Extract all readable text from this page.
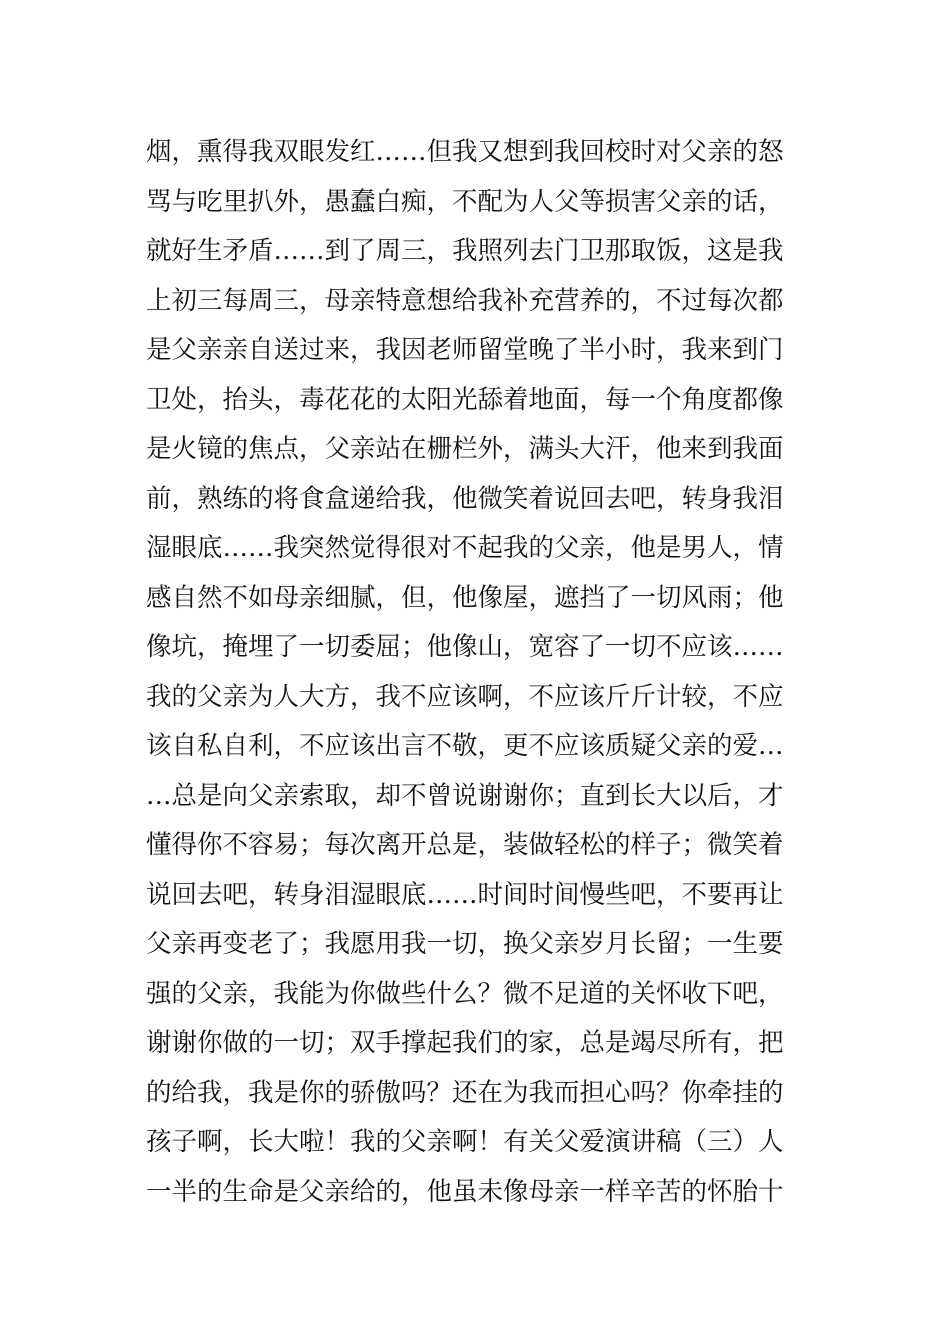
烟，熏得我双眼发红……但我又想到我回校时对父亲的怒
骂与吃里扒外，愚蠢白痴，不配为人父等损害父亲的话，
就好生矛盾……到了周三，我照列去门卫那取饭，这是我
上初三每周三，母亲特意想给我补充营养的，不过每次都
是父亲亲自送过来，我因老师留堂晚了半小时，我来到门
卫处，抬头，毒花花的太阳光舔着地面，每一个角度都像
是火镜的焦点，父亲站在栅栏外，满头大汗，他来到我面
前，熟练的将食盒递给我，他微笑着说回去吧，转身我泪
湿眼底……我突然觉得很对不起我的父亲，他是男人，情
感自然不如母亲细腻，但，他像屋，遮挡了一切风雨；他
像坑，掩埋了一切委屈；他像山，宽容了一切不应该……
我的父亲为人大方，我不应该啊，不应该斤斤计较，不应
该自私自利，不应该出言不敬，更不应该质疑父亲的爱…
…总是向父亲索取，却不曾说谢谢你；直到长大以后，才
懂得你不容易；每次离开总是，装做轻松的样子；微笑着
说回去吧，转身泪湿眼底……时间时间慢些吧，不要再让
父亲再变老了；我愿用我一切，换父亲岁月长留；一生要
强的父亲，我能为你做些什么？微不足道的关怀收下吧，
谢谢你做的一切；双手撑起我们的家，总是竭尽所有，把
的给我，我是你的骄傲吗？还在为我而担心吗？你牵挂的
孩子啊，长大啦！我的父亲啊！有关父爱演讲稿（三）人
一半的生命是父亲给的，他虽未像母亲一样辛苦的怀胎十
